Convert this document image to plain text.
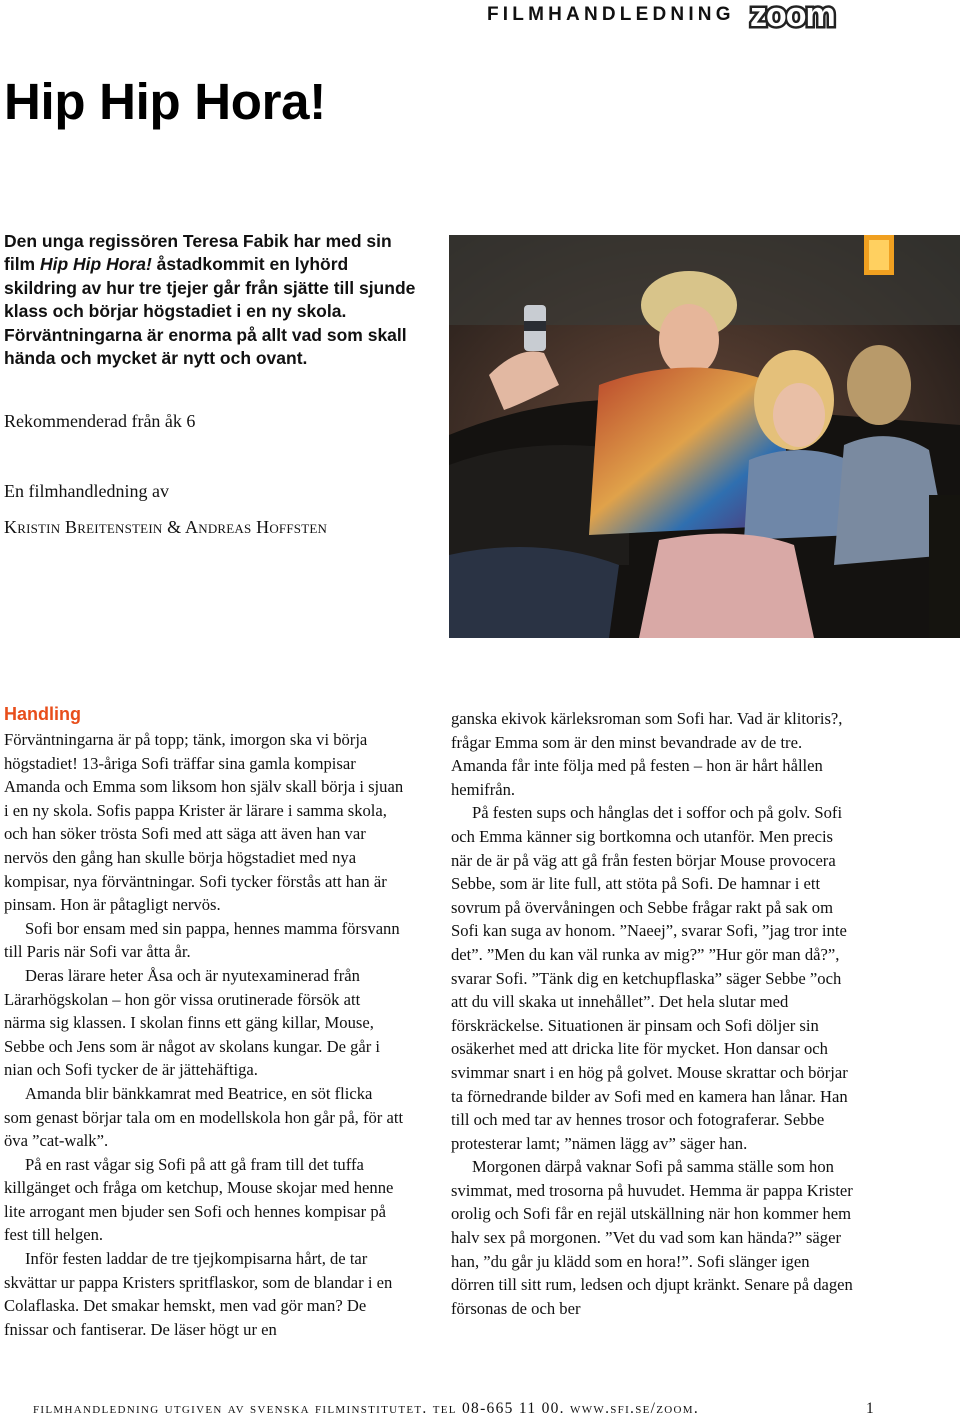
FILMHANDLEDNING zoom
Hip Hip Hora!

Den unga regissören Teresa Fabik har med sin film Hip Hip Hora! åstadkommit en lyhörd skildring av hur tre tjejer går från sjätte till sjunde klass och börjar högstadiet i en ny skola. Förväntningarna är enorma på allt vad som skall hända och mycket är nytt och ovant.

Rekommenderad från åk 6
En filmhandledning av
Kristin Breitenstein & Andreas Hoffsten
Handling

Förväntningarna är på topp; tänk, imorgon ska vi börja högstadiet! 13-åriga Sofi träffar sina gamla kompisar Amanda och Emma som liksom hon själv skall börja i sjuan i en ny skola. Sofis pappa Krister är lärare i samma skola, och han söker trösta Sofi med att säga att även han var nervös den gång han skulle börja högstadiet med nya kompisar, nya förväntningar. Sofi tycker förstås att han är pinsam. Hon är påtagligt nervös.

Sofi bor ensam med sin pappa, hennes mamma försvann till Paris när Sofi var åtta år.

Deras lärare heter Åsa och är nyutexaminerad från Lärarhögskolan – hon gör vissa orutinerade försök att närma sig klassen. I skolan finns ett gäng killar, Mouse, Sebbe och Jens som är något av skolans kungar. De går i nian och Sofi tycker de är jättehäftiga.

Amanda blir bänkkamrat med Beatrice, en söt flicka som genast börjar tala om en modellskola hon går på, för att öva ”cat-walk”.

På en rast vågar sig Sofi på att gå fram till det tuffa killgänget och fråga om ketchup, Mouse skojar med henne lite arrogant men bjuder sen Sofi och hennes kompisar på fest till helgen.

Inför festen laddar de tre tjejkompisarna hårt, de tar skvättar ur pappa Kristers spritflaskor, som de blandar i en Colaflaska. Det smakar hemskt, men vad gör man? De fnissar och fantiserar. De läser högt ur en

ganska ekivok kärleksroman som Sofi har. Vad är klitoris?, frågar Emma som är den minst bevandrade av de tre. Amanda får inte följa med på festen – hon är hårt hållen hemifrån.

På festen sups och hånglas det i soffor och på golv. Sofi och Emma känner sig bortkomna och utanför. Men precis när de är på väg att gå från festen börjar Mouse provocera Sebbe, som är lite full, att stöta på Sofi. De hamnar i ett sovrum på övervåningen och Sebbe frågar rakt på sak om Sofi kan suga av honom. ”Naeej”, svarar Sofi, ”jag tror inte det”. ”Men du kan väl runka av mig?” ”Hur gör man då?”, svarar Sofi. ”Tänk dig en ketchupflaska” säger Sebbe ”och att du vill skaka ut innehållet”. Det hela slutar med förskräckelse. Situationen är pinsam och Sofi döljer sin osäkerhet med att dricka lite för mycket. Hon dansar och svimmar snart i en hög på golvet. Mouse skrattar och börjar ta förnedrande bilder av Sofi med en kamera han lånar. Han till och med tar av hennes trosor och fotograferar. Sebbe protesterar lamt; ”nämen lägg av” säger han.

Morgonen därpå vaknar Sofi på samma ställe som hon svimmat, med trosorna på huvudet. Hemma är pappa Krister orolig och Sofi får en rejäl utskällning när hon kommer hem halv sex på morgonen. ”Vet du vad som kan hända?” säger han, ”du går ju klädd som en hora!”. Sofi slänger igen dörren till sitt rum, ledsen och djupt kränkt. Senare på dagen försonas de och ber

filmhandledning utgiven av svenska filminstitutet. tel 08-665 11 00. www.sfi.se/zoom.	1
